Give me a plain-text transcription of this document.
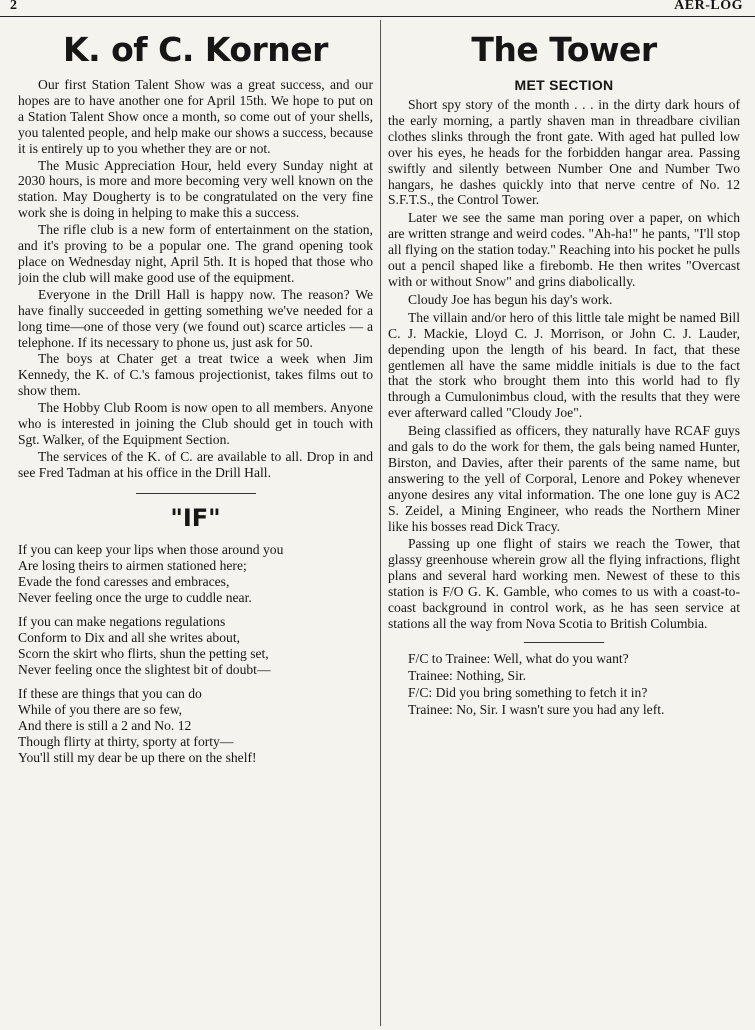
2	AER-LOG
K. of C. Korner

Our first Station Talent Show was a great success, and our hopes are to have another one for April 15th. We hope to put on a Station Talent Show once a month, so come out of your shells, you talented people, and help make our shows a success, because it is entirely up to you whether they are or not.

The Music Appreciation Hour, held every Sunday night at 2030 hours, is more and more becoming very well known on the station. May Dougherty is to be congratulated on the very fine work she is doing in helping to make this a success.

The rifle club is a new form of entertainment on the station, and it's proving to be a popular one. The grand opening took place on Wednesday night, April 5th. It is hoped that those who join the club will make good use of the equipment.

Everyone in the Drill Hall is happy now. The reason? We have finally succeeded in getting something we've needed for a long time—one of those very (we found out) scarce articles — a telephone. If its necessary to phone us, just ask for 50.

The boys at Chater get a treat twice a week when Jim Kennedy, the K. of C.'s famous projectionist, takes films out to show them.

The Hobby Club Room is now open to all members. Anyone who is interested in joining the Club should get in touch with Sgt. Walker, of the Equipment Section.

The services of the K. of C. are available to all. Drop in and see Fred Tadman at his office in the Drill Hall.

"IF"
If you can keep your lips when those around you
Are losing theirs to airmen stationed here;
Evade the fond caresses and embraces,
Never feeling once the urge to cuddle near.
If you can make negations regulations
Conform to Dix and all she writes about,
Scorn the skirt who flirts, shun the petting set,
Never feeling once the slightest bit of doubt—
If these are things that you can do
While of you there are so few,
And there is still a 2 and No. 12
Though flirty at thirty, sporty at forty—
You'll still my dear be up there on the shelf!
The Tower
MET SECTION

Short spy story of the month . . . in the dirty dark hours of the early morning, a partly shaven man in threadbare civilian clothes slinks through the front gate. With aged hat pulled low over his eyes, he heads for the forbidden hangar area. Passing swiftly and silently between Number One and Number Two hangars, he dashes quickly into that nerve centre of No. 12 S.F.T.S., the Control Tower.

Later we see the same man poring over a paper, on which are written strange and weird codes. "Ah-ha!" he pants, "I'll stop all flying on the station today." Reaching into his pocket he pulls out a pencil shaped like a firebomb. He then writes "Overcast with or without Snow" and grins diabolically.

Cloudy Joe has begun his day's work.

The villain and/or hero of this little tale might be named Bill C. J. Mackie, Lloyd C. J. Morrison, or John C. J. Lauder, depending upon the length of his beard. In fact, that these gentlemen all have the same middle initials is due to the fact that the stork who brought them into this world had to fly through a Cumulonimbus cloud, with the results that they were ever afterward called "Cloudy Joe".

Being classified as officers, they naturally have RCAF guys and gals to do the work for them, the gals being named Hunter, Birston, and Davies, after their parents of the same name, but answering to the yell of Corporal, Lenore and Pokey whenever anyone desires any vital information. The one lone guy is AC2 S. Zeidel, a Mining Engineer, who reads the Northern Miner like his bosses read Dick Tracy.

Passing up one flight of stairs we reach the Tower, that glassy greenhouse wherein grow all the flying infractions, flight plans and several hard working men. Newest of these to this station is F/O G. K. Gamble, who comes to us with a coast-to-coast background in control work, as he has seen service at stations all the way from Nova Scotia to British Columbia.

F/C to Trainee: Well, what do you want?

Trainee: Nothing, Sir.

F/C: Did you bring something to fetch it in?

Trainee: No, Sir. I wasn't sure you had any left.
